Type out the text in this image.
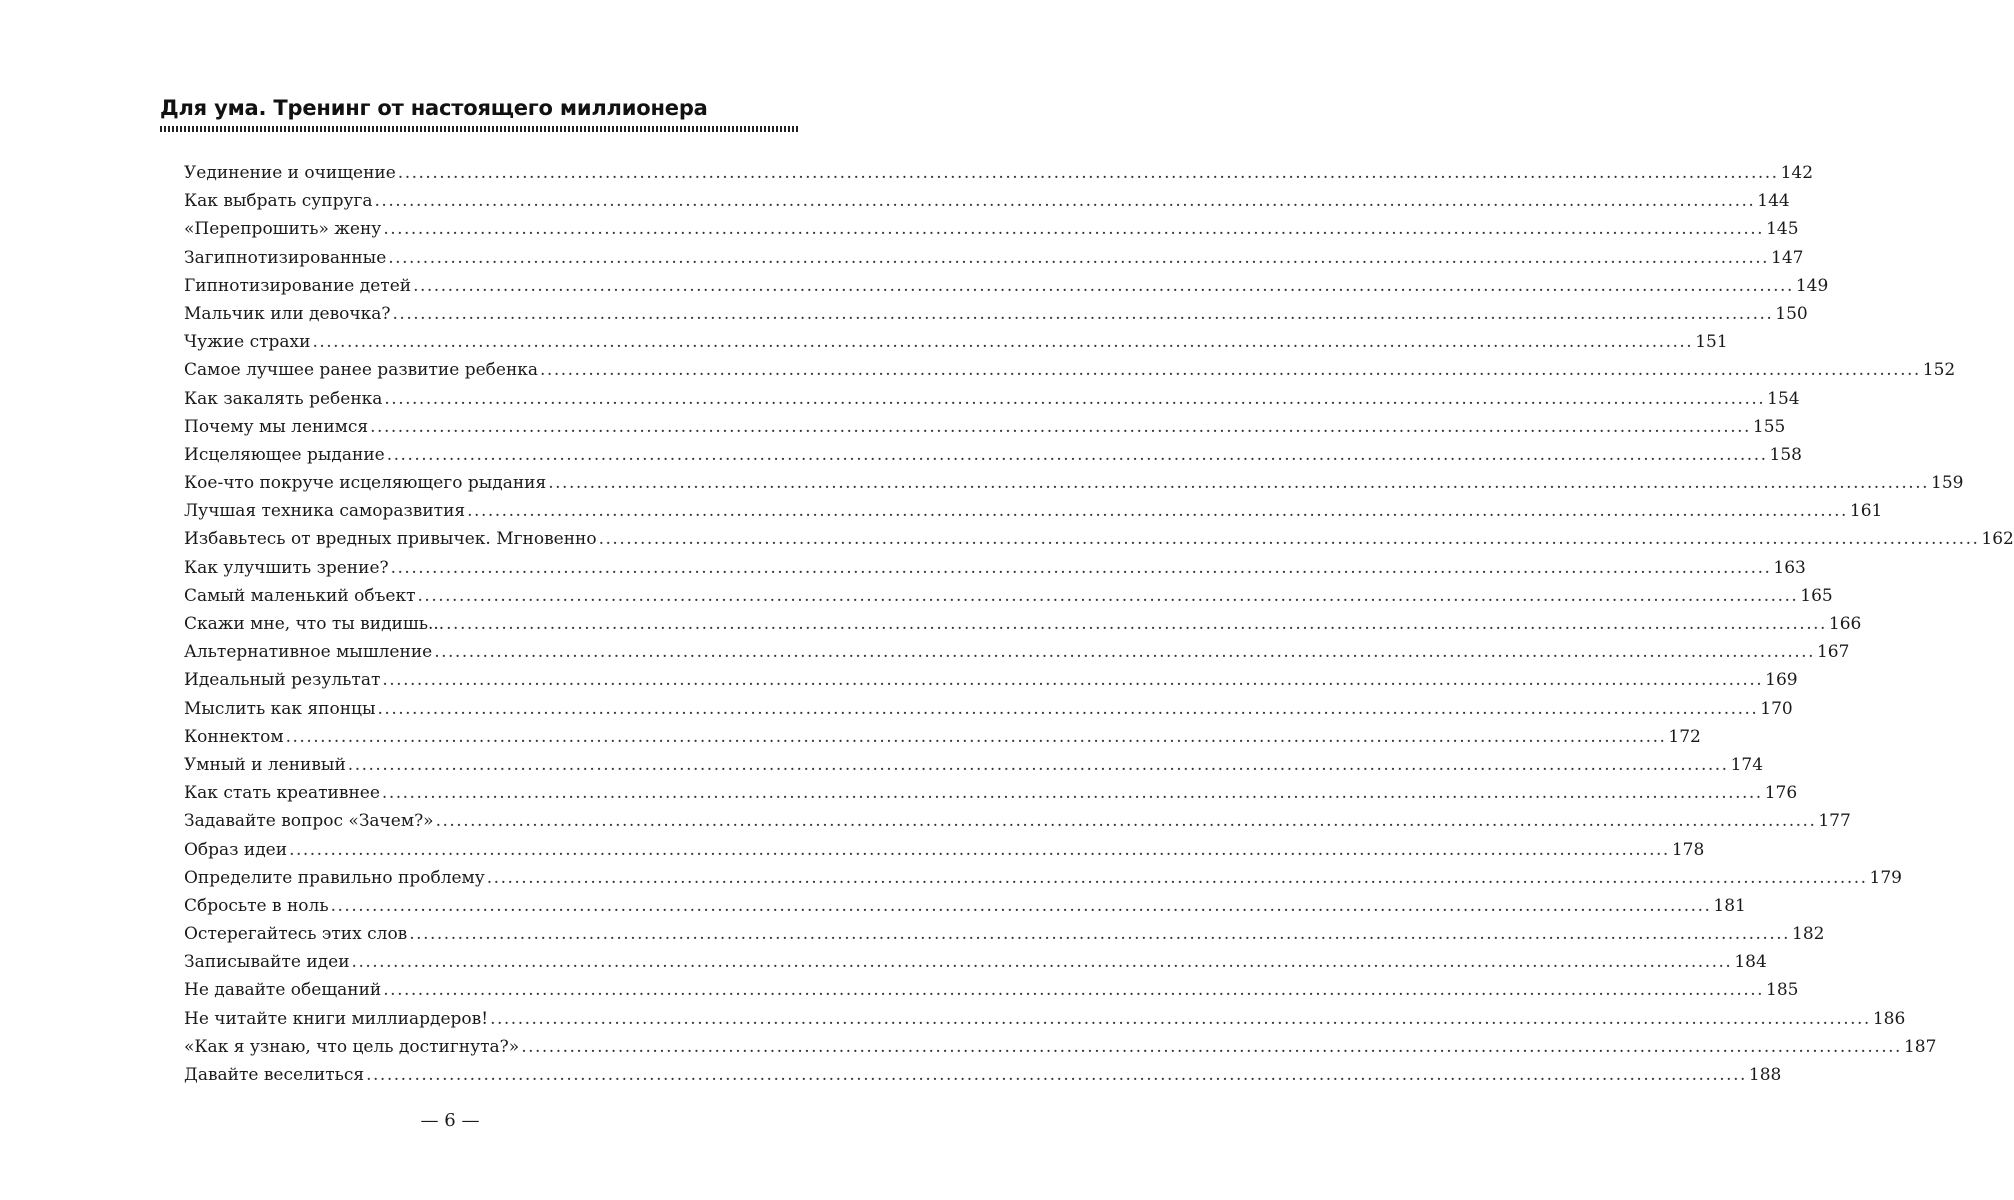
Для ума. Тренинг от настоящего миллионера
Уединение и очищение ........................................................................................................................................................................................................ 142
Как выбрать супруга ........................................................................................................................................................................................................ 144
«Перепрошить» жену ........................................................................................................................................................................................................ 145
Загипнотизированные ........................................................................................................................................................................................................ 147
Гипнотизирование детей ........................................................................................................................................................................................................ 149
Мальчик или девочка? ........................................................................................................................................................................................................ 150
Чужие страхи ........................................................................................................................................................................................................ 151
Самое лучшее ранее развитие ребенка ........................................................................................................................................................................................................ 152
Как закалять ребенка ........................................................................................................................................................................................................ 154
Почему мы ленимся ........................................................................................................................................................................................................ 155
Исцеляющее рыдание ........................................................................................................................................................................................................ 158
Кое-что покруче исцеляющего рыдания ........................................................................................................................................................................................................ 159
Лучшая техника саморазвития ........................................................................................................................................................................................................ 161
Избавьтесь от вредных привычек. Мгновенно ........................................................................................................................................................................................................ 162
Как улучшить зрение? ........................................................................................................................................................................................................ 163
Самый маленький объект ........................................................................................................................................................................................................ 165
Скажи мне, что ты видишь... ........................................................................................................................................................................................................ 166
Альтернативное мышление ........................................................................................................................................................................................................ 167
Идеальный результат ........................................................................................................................................................................................................ 169
Мыслить как японцы ........................................................................................................................................................................................................ 170
Коннектом ........................................................................................................................................................................................................ 172
Умный и ленивый ........................................................................................................................................................................................................ 174
Как стать креативнее ........................................................................................................................................................................................................ 176
Задавайте вопрос «Зачем?» ........................................................................................................................................................................................................ 177
Образ идеи ........................................................................................................................................................................................................ 178
Определите правильно проблему ........................................................................................................................................................................................................ 179
Сбросьте в ноль ........................................................................................................................................................................................................ 181
Остерегайтесь этих слов ........................................................................................................................................................................................................ 182
Записывайте идеи ........................................................................................................................................................................................................ 184
Не давайте обещаний ........................................................................................................................................................................................................ 185
Не читайте книги миллиардеров! ........................................................................................................................................................................................................ 186
«Как я узнаю, что цель достигнута?» ........................................................................................................................................................................................................ 187
Давайте веселиться ........................................................................................................................................................................................................ 188
— 6 —
